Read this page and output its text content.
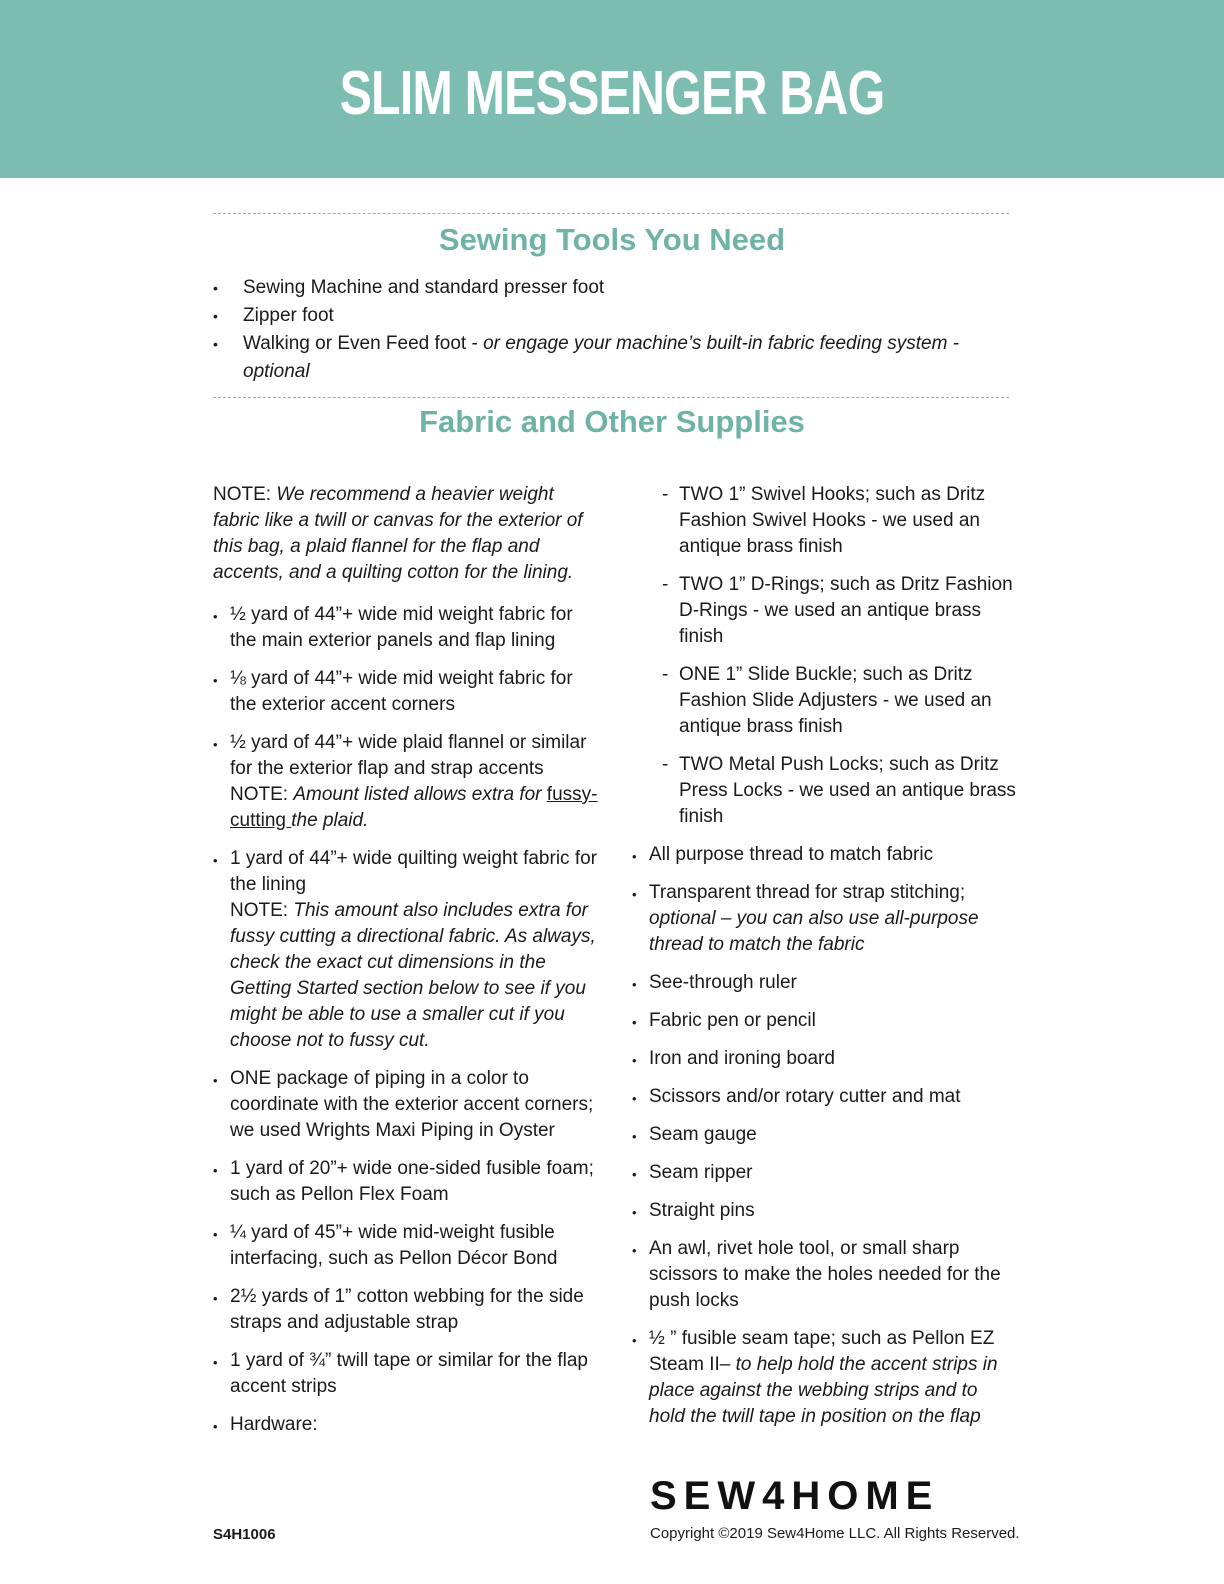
SLIM MESSENGER BAG
Sewing Tools You Need
• Sewing Machine and standard presser foot
• Zipper foot
• Walking or Even Feed foot - or engage your machine’s built-in fabric feeding system - optional
Fabric and Other Supplies

NOTE: We recommend a heavier weight fabric like a twill or canvas for the exterior of this bag, a plaid flannel for the flap and accents, and a quilting cotton for the lining.

• ½ yard of 44”+ wide mid weight fabric for the main exterior panels and flap lining
• ⅛ yard of 44”+ wide mid weight fabric for the exterior accent corners
• ½ yard of 44”+ wide plaid flannel or similar for the exterior flap and strap accents
NOTE: Amount listed allows extra for fussy-cutting the plaid.
• 1 yard of 44”+ wide quilting weight fabric for the lining
NOTE: This amount also includes extra for fussy cutting a directional fabric. As always, check the exact cut dimensions in the Getting Started section below to see if you might be able to use a smaller cut if you choose not to fussy cut.
• ONE package of piping in a color to coordinate with the exterior accent corners; we used Wrights Maxi Piping in Oyster
• 1 yard of 20”+ wide one-sided fusible foam; such as Pellon Flex Foam
• ¼ yard of 45”+ wide mid-weight fusible interfacing, such as Pellon Décor Bond
• 2½ yards of 1” cotton webbing for the side straps and adjustable strap
• 1 yard of ¾” twill tape or similar for the flap accent strips
• Hardware:
- TWO 1” Swivel Hooks; such as Dritz Fashion Swivel Hooks - we used an antique brass finish
- TWO 1” D-Rings; such as Dritz Fashion D-Rings - we used an antique brass finish
- ONE 1” Slide Buckle; such as Dritz Fashion Slide Adjusters - we used an antique brass finish
- TWO Metal Push Locks; such as Dritz Press Locks - we used an antique brass finish
• All purpose thread to match fabric
• Transparent thread for strap stitching; optional – you can also use all-purpose thread to match the fabric
• See-through ruler
• Fabric pen or pencil
• Iron and ironing board
• Scissors and/or rotary cutter and mat
• Seam gauge
• Seam ripper
• Straight pins
• An awl, rivet hole tool, or small sharp scissors to make the holes needed for the push locks
• ½ ” fusible seam tape; such as Pellon EZ Steam II– to help hold the accent strips in place against the webbing strips and to hold the twill tape in position on the flap
SEW4HOME
S4H1006	Copyright ©2019 Sew4Home LLC. All Rights Reserved.
